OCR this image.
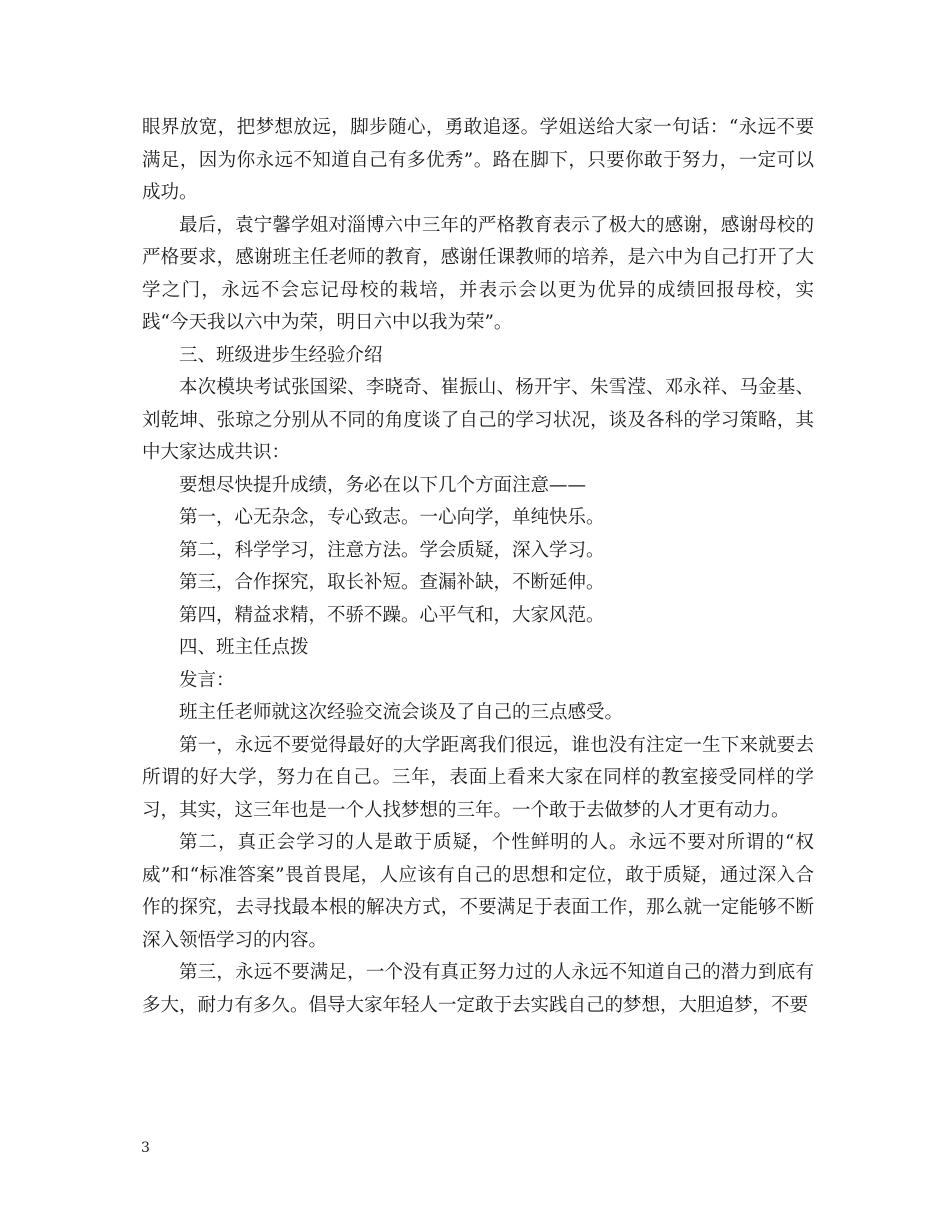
眼界放宽，把梦想放远，脚步随心，勇敢追逐。学姐送给大家一句话：“永远不要满足，因为你永远不知道自己有多优秀”。路在脚下，只要你敢于努力，一定可以成功。

最后，袁宁馨学姐对淄博六中三年的严格教育表示了极大的感谢，感谢母校的严格要求，感谢班主任老师的教育，感谢任课教师的培养，是六中为自己打开了大学之门，永远不会忘记母校的栽培，并表示会以更为优异的成绩回报母校，实践“今天我以六中为荣，明日六中以我为荣”。

三、班级进步生经验介绍

本次模块考试张国梁、李晓奇、崔振山、杨开宇、朱雪滢、邓永祥、马金基、刘乾坤、张琼之分别从不同的角度谈了自己的学习状况，谈及各科的学习策略，其中大家达成共识：

要想尽快提升成绩，务必在以下几个方面注意——

第一，心无杂念，专心致志。一心向学，单纯快乐。

第二，科学学习，注意方法。学会质疑，深入学习。

第三，合作探究，取长补短。查漏补缺，不断延伸。

第四，精益求精，不骄不躁。心平气和，大家风范。

四、班主任点拨

发言：

班主任老师就这次经验交流会谈及了自己的三点感受。

第一，永远不要觉得最好的大学距离我们很远，谁也没有注定一生下来就要去所谓的好大学，努力在自己。三年，表面上看来大家在同样的教室接受同样的学习，其实，这三年也是一个人找梦想的三年。一个敢于去做梦的人才更有动力。

第二，真正会学习的人是敢于质疑，个性鲜明的人。永远不要对所谓的“权威”和“标准答案”畏首畏尾，人应该有自己的思想和定位，敢于质疑，通过深入合作的探究，去寻找最本根的解决方式，不要满足于表面工作，那么就一定能够不断深入领悟学习的内容。

第三，永远不要满足，一个没有真正努力过的人永远不知道自己的潜力到底有多大，耐力有多久。倡导大家年轻人一定敢于去实践自己的梦想，大胆追梦，不要

3
